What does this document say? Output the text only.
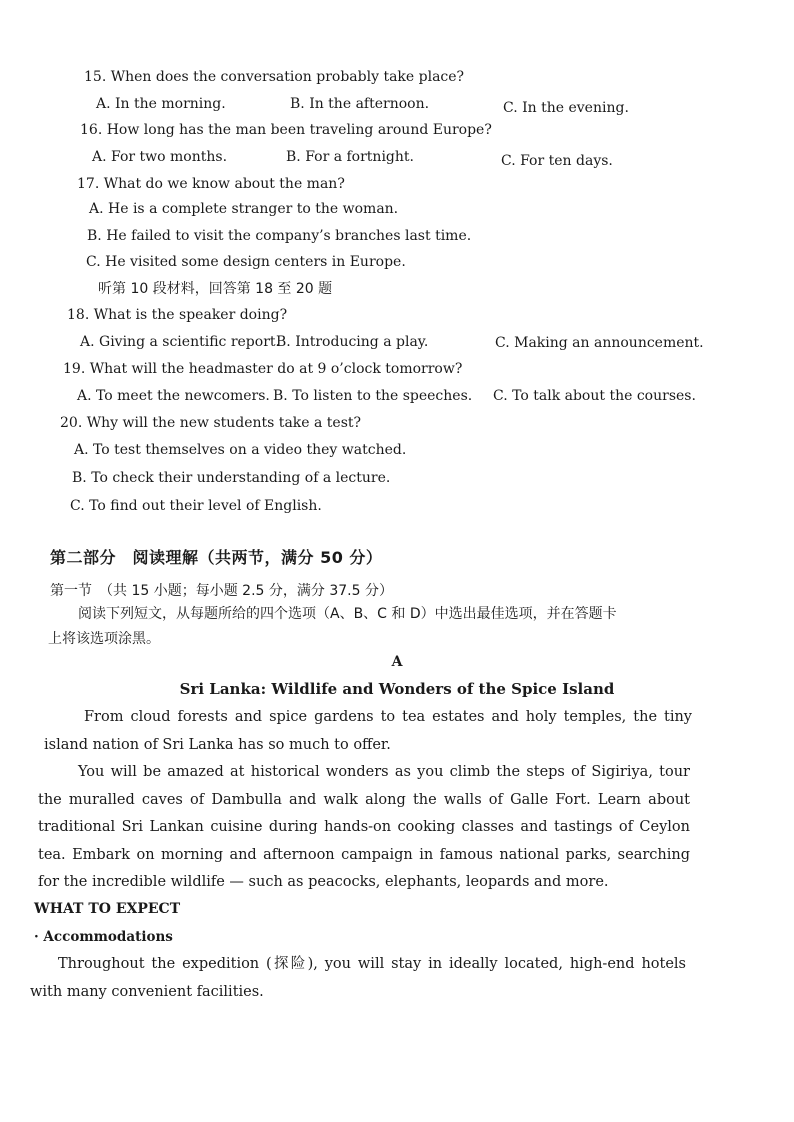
15. When does the conversation probably take place?
A. In the morning.	B. In the afternoon.	C. In the evening.
16. How long has the man been traveling around Europe?
A. For two months.	B. For a fortnight.	C. For ten days.
17. What do we know about the man?
A. He is a complete stranger to the woman.
B. He failed to visit the company’s branches last time.
C. He visited some design centers in Europe.
听第 10 段材料，回答第 18 至 20 题
18. What is the speaker doing?
A. Giving a scientific report.
B. Introducing a play.	C. Making an announcement.
19. What will the headmaster do at 9 o’clock tomorrow?
A. To meet the newcomers. B. To listen to the speeches. C. To talk about the courses.
20. Why will the new students take a test?
A. To test themselves on a video they watched.
B. To check their understanding of a lecture.
C. To find out their level of English.
第二部分　阅读理解（共两节，满分 50 分）
第一节　（共 15 小题；每小题 2.5 分，满分 37.5 分）
阅读下列短文，从每题所给的四个选项（A、B、C 和 D）中选出最佳选项，并在答题卡
上将该选项涂黑。
A
Sri Lanka: Wildlife and Wonders of the Spice Island
From cloud forests and spice gardens to tea estates and holy temples, the tiny island nation of Sri Lanka has so much to offer.
You will be amazed at historical wonders as you climb the steps of Sigiriya, tour the muralled caves of Dambulla and walk along the walls of Galle Fort. Learn about traditional Sri Lankan cuisine during hands-on cooking classes and tastings of Ceylon tea. Embark on morning and afternoon campaign in famous national parks, searching for the incredible wildlife — such as peacocks, elephants, leopards and more.
WHAT TO EXPECT
· Accommodations
Throughout the expedition (探险), you will stay in ideally located, high-end hotels with many convenient facilities.
